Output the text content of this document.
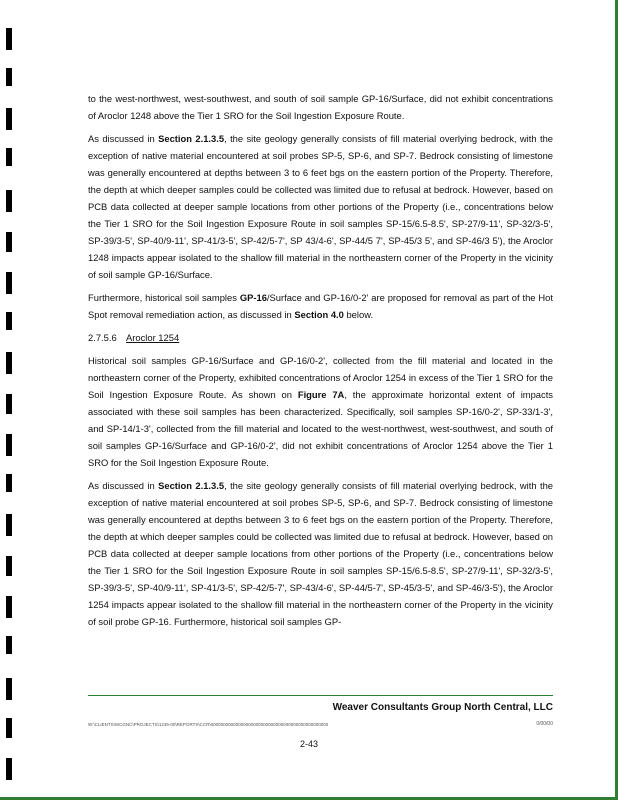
to the west-northwest, west-southwest, and south of soil sample GP-16/Surface, did not exhibit concentrations of Aroclor 1248 above the Tier 1 SRO for the Soil Ingestion Exposure Route.

As discussed in Section 2.1.3.5, the site geology generally consists of fill material overlying bedrock, with the exception of native material encountered at soil probes SP-5, SP-6, and SP-7. Bedrock consisting of limestone was generally encountered at depths between 3 to 6 feet bgs on the eastern portion of the Property. Therefore, the depth at which deeper samples could be collected was limited due to refusal at bedrock. However, based on PCB data collected at deeper sample locations from other portions of the Property (i.e., concentrations below the Tier 1 SRO for the Soil Ingestion Exposure Route in soil samples SP-15/6.5-8.5', SP-27/9-11', SP-32/3-5', SP-39/3-5', SP-40/9-11', SP-41/3-5', SP-42/5-7', SP 43/4-6', SP-44/5 7', SP-45/3 5', and SP-46/3 5'), the Aroclor 1248 impacts appear isolated to the shallow fill material in the northeastern corner of the Property in the vicinity of soil sample GP-16/Surface.

Furthermore, historical soil samples GP-16/Surface and GP-16/0-2' are proposed for removal as part of the Hot Spot removal remediation action, as discussed in Section 4.0 below.

2.7.5.6 Aroclor 1254

Historical soil samples GP-16/Surface and GP-16/0-2', collected from the fill material and located in the northeastern corner of the Property, exhibited concentrations of Aroclor 1254 in excess of the Tier 1 SRO for the Soil Ingestion Exposure Route. As shown on Figure 7A, the approximate horizontal extent of impacts associated with these soil samples has been characterized. Specifically, soil samples SP-16/0-2', SP-33/1-3', and SP-14/1-3', collected from the fill material and located to the west-northwest, west-southwest, and south of soil samples GP-16/Surface and GP-16/0-2', did not exhibit concentrations of Aroclor 1254 above the Tier 1 SRO for the Soil Ingestion Exposure Route.

As discussed in Section 2.1.3.5, the site geology generally consists of fill material overlying bedrock, with the exception of native material encountered at soil probes SP-5, SP-6, and SP-7. Bedrock consisting of limestone was generally encountered at depths between 3 to 6 feet bgs on the eastern portion of the Property. Therefore, the depth at which deeper samples could be collected was limited due to refusal at bedrock. However, based on PCB data collected at deeper sample locations from other portions of the Property (i.e., concentrations below the Tier 1 SRO for the Soil Ingestion Exposure Route in soil samples SP-15/6.5-8.5', SP-27/9-11', SP-32/3-5', SP-39/3-5', SP-40/9-11', SP-41/3-5', SP-42/5-7', SP-43/4-6', SP-44/5-7', SP-45/3-5', and SP-46/3-5'), the Aroclor 1254 impacts appear isolated to the shallow fill material in the northeastern corner of the Property in the vicinity of soil probe GP-16. Furthermore, historical soil samples GP-

Weaver Consultants Group North Central, LLC
W:\CLIENTS\WCGNC\PROJECTS\1235-00\REPORTS\CCR\00000000000000000000000000000000000000000000000	0/00/00
2-43
